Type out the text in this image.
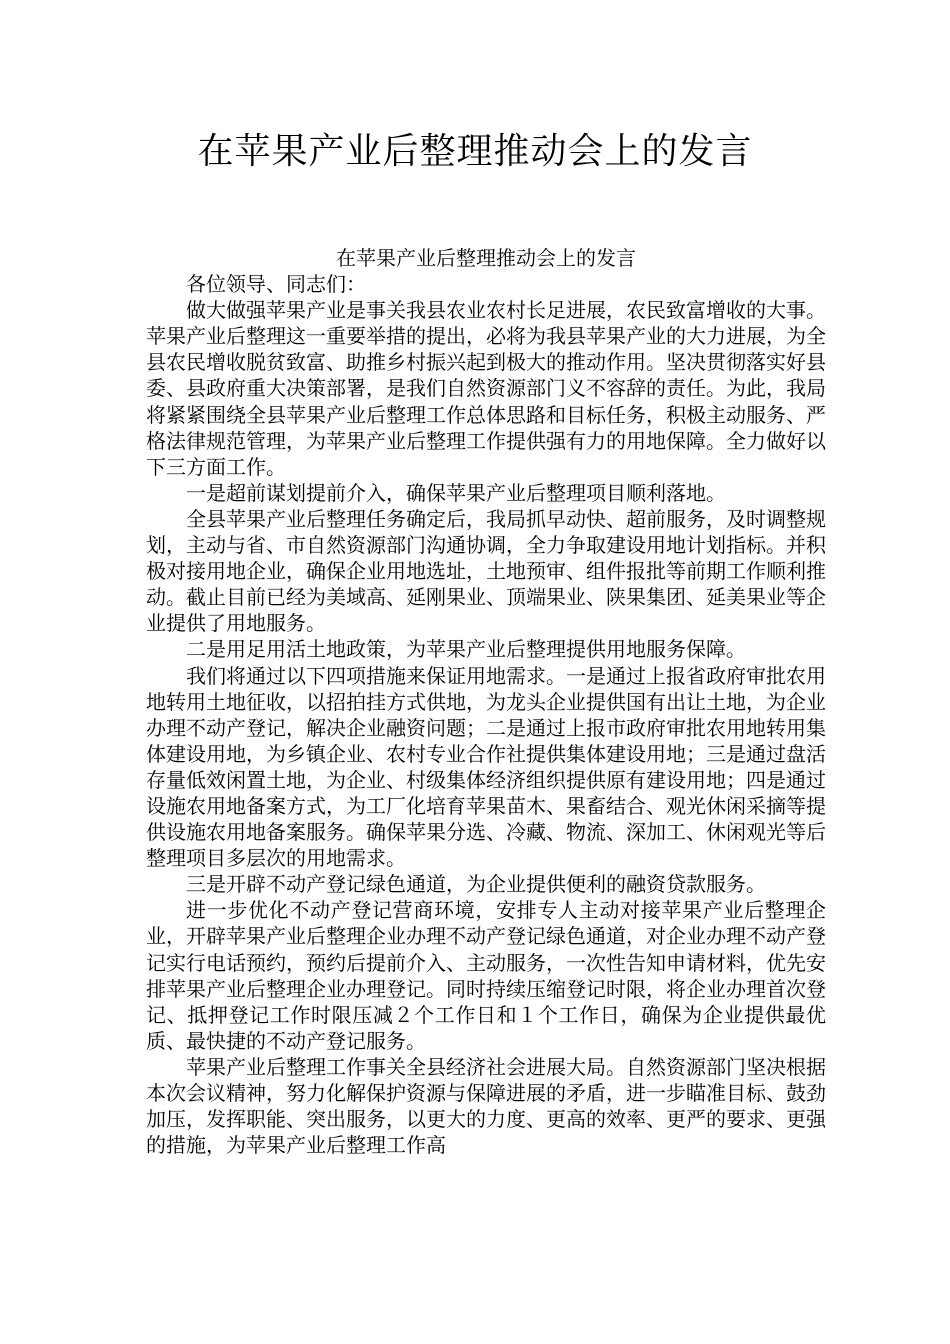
在苹果产业后整理推动会上的发言

在苹果产业后整理推动会上的发言

各位领导、同志们：

做大做强苹果产业是事关我县农业农村长足进展，农民致富增收的大事。苹果产业后整理这一重要举措的提出，必将为我县苹果产业的大力进展，为全县农民增收脱贫致富、助推乡村振兴起到极大的推动作用。坚决贯彻落实好县委、县政府重大决策部署，是我们自然资源部门义不容辞的责任。为此，我局将紧紧围绕全县苹果产业后整理工作总体思路和目标任务，积极主动服务、严格法律规范管理，为苹果产业后整理工作提供强有力的用地保障。全力做好以下三方面工作。

一是超前谋划提前介入，确保苹果产业后整理项目顺利落地。

全县苹果产业后整理任务确定后，我局抓早动快、超前服务，及时调整规划，主动与省、市自然资源部门沟通协调，全力争取建设用地计划指标。并积极对接用地企业，确保企业用地选址，土地预审、组件报批等前期工作顺利推动。截止目前已经为美域高、延刚果业、顶端果业、陕果集团、延美果业等企业提供了用地服务。

二是用足用活土地政策，为苹果产业后整理提供用地服务保障。

我们将通过以下四项措施来保证用地需求。一是通过上报省政府审批农用地转用土地征收，以招拍挂方式供地，为龙头企业提供国有出让土地，为企业办理不动产登记，解决企业融资问题；二是通过上报市政府审批农用地转用集体建设用地，为乡镇企业、农村专业合作社提供集体建设用地；三是通过盘活存量低效闲置土地，为企业、村级集体经济组织提供原有建设用地；四是通过设施农用地备案方式，为工厂化培育苹果苗木、果畜结合、观光休闲采摘等提供设施农用地备案服务。确保苹果分选、冷藏、物流、深加工、休闲观光等后整理项目多层次的用地需求。

三是开辟不动产登记绿色通道，为企业提供便利的融资贷款服务。

进一步优化不动产登记营商环境，安排专人主动对接苹果产业后整理企业，开辟苹果产业后整理企业办理不动产登记绿色通道，对企业办理不动产登记实行电话预约，预约后提前介入、主动服务，一次性告知申请材料，优先安排苹果产业后整理企业办理登记。同时持续压缩登记时限，将企业办理首次登记、抵押登记工作时限压减２个工作日和１个工作日，确保为企业提供最优质、最快捷的不动产登记服务。

苹果产业后整理工作事关全县经济社会进展大局。自然资源部门坚决根据本次会议精神，努力化解保护资源与保障进展的矛盾，进一步瞄准目标、鼓劲加压，发挥职能、突出服务，以更大的力度、更高的效率、更严的要求、更强的措施，为苹果产业后整理工作高
